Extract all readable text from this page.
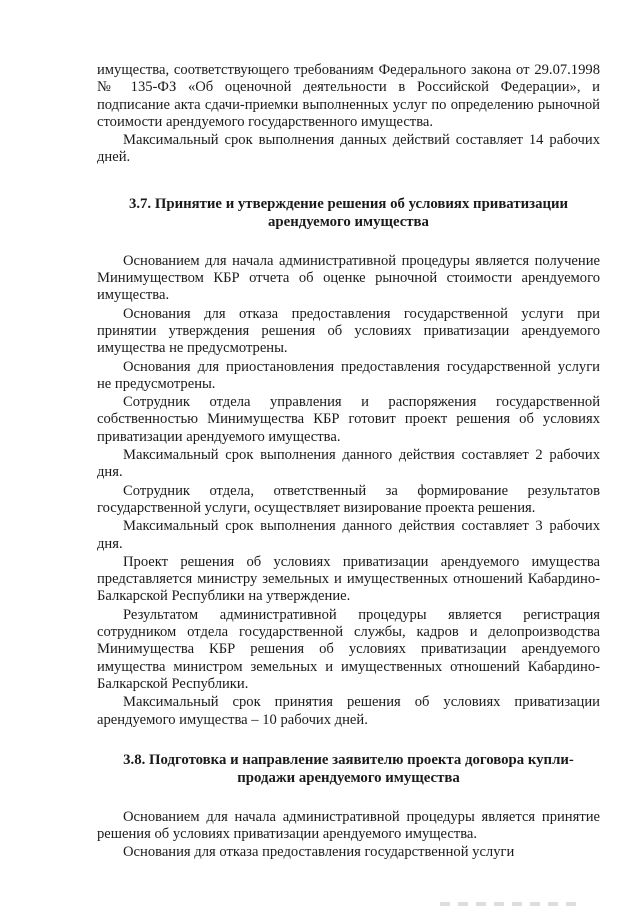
имущества, соответствующего требованиям Федерального закона от 29.07.1998 № 135-ФЗ «Об оценочной деятельности в Российской Федерации», и подписание акта сдачи-приемки выполненных услуг по определению рыночной стоимости арендуемого государственного имущества.

Максимальный срок выполнения данных действий составляет 14 рабочих дней.

3.7. Принятие и утверждение решения об условиях приватизации арендуемого имущества

Основанием для начала административной процедуры является получение Минимуществом КБР отчета об оценке рыночной стоимости арендуемого имущества.

Основания для отказа предоставления государственной услуги при принятии утверждения решения об условиях приватизации арендуемого имущества не предусмотрены.

Основания для приостановления предоставления государственной услуги не предусмотрены.

Сотрудник отдела управления и распоряжения государственной собственностью Минимущества КБР готовит проект решения об условиях приватизации арендуемого имущества.

Максимальный срок выполнения данного действия составляет 2 рабочих дня.

Сотрудник отдела, ответственный за формирование результатов государственной услуги, осуществляет визирование проекта решения.

Максимальный срок выполнения данного действия составляет 3 рабочих дня.

Проект решения об условиях приватизации арендуемого имущества представляется министру земельных и имущественных отношений Кабардино-Балкарской Республики на утверждение.

Результатом административной процедуры является регистрация сотрудником отдела государственной службы, кадров и делопроизводства Минимущества КБР решения об условиях приватизации арендуемого имущества министром земельных и имущественных отношений Кабардино-Балкарской Республики.

Максимальный срок принятия решения об условиях приватизации арендуемого имущества – 10 рабочих дней.

3.8. Подготовка и направление заявителю проекта договора купли-продажи арендуемого имущества

Основанием для начала административной процедуры является принятие решения об условиях приватизации арендуемого имущества.

Основания для отказа предоставления государственной услуги
